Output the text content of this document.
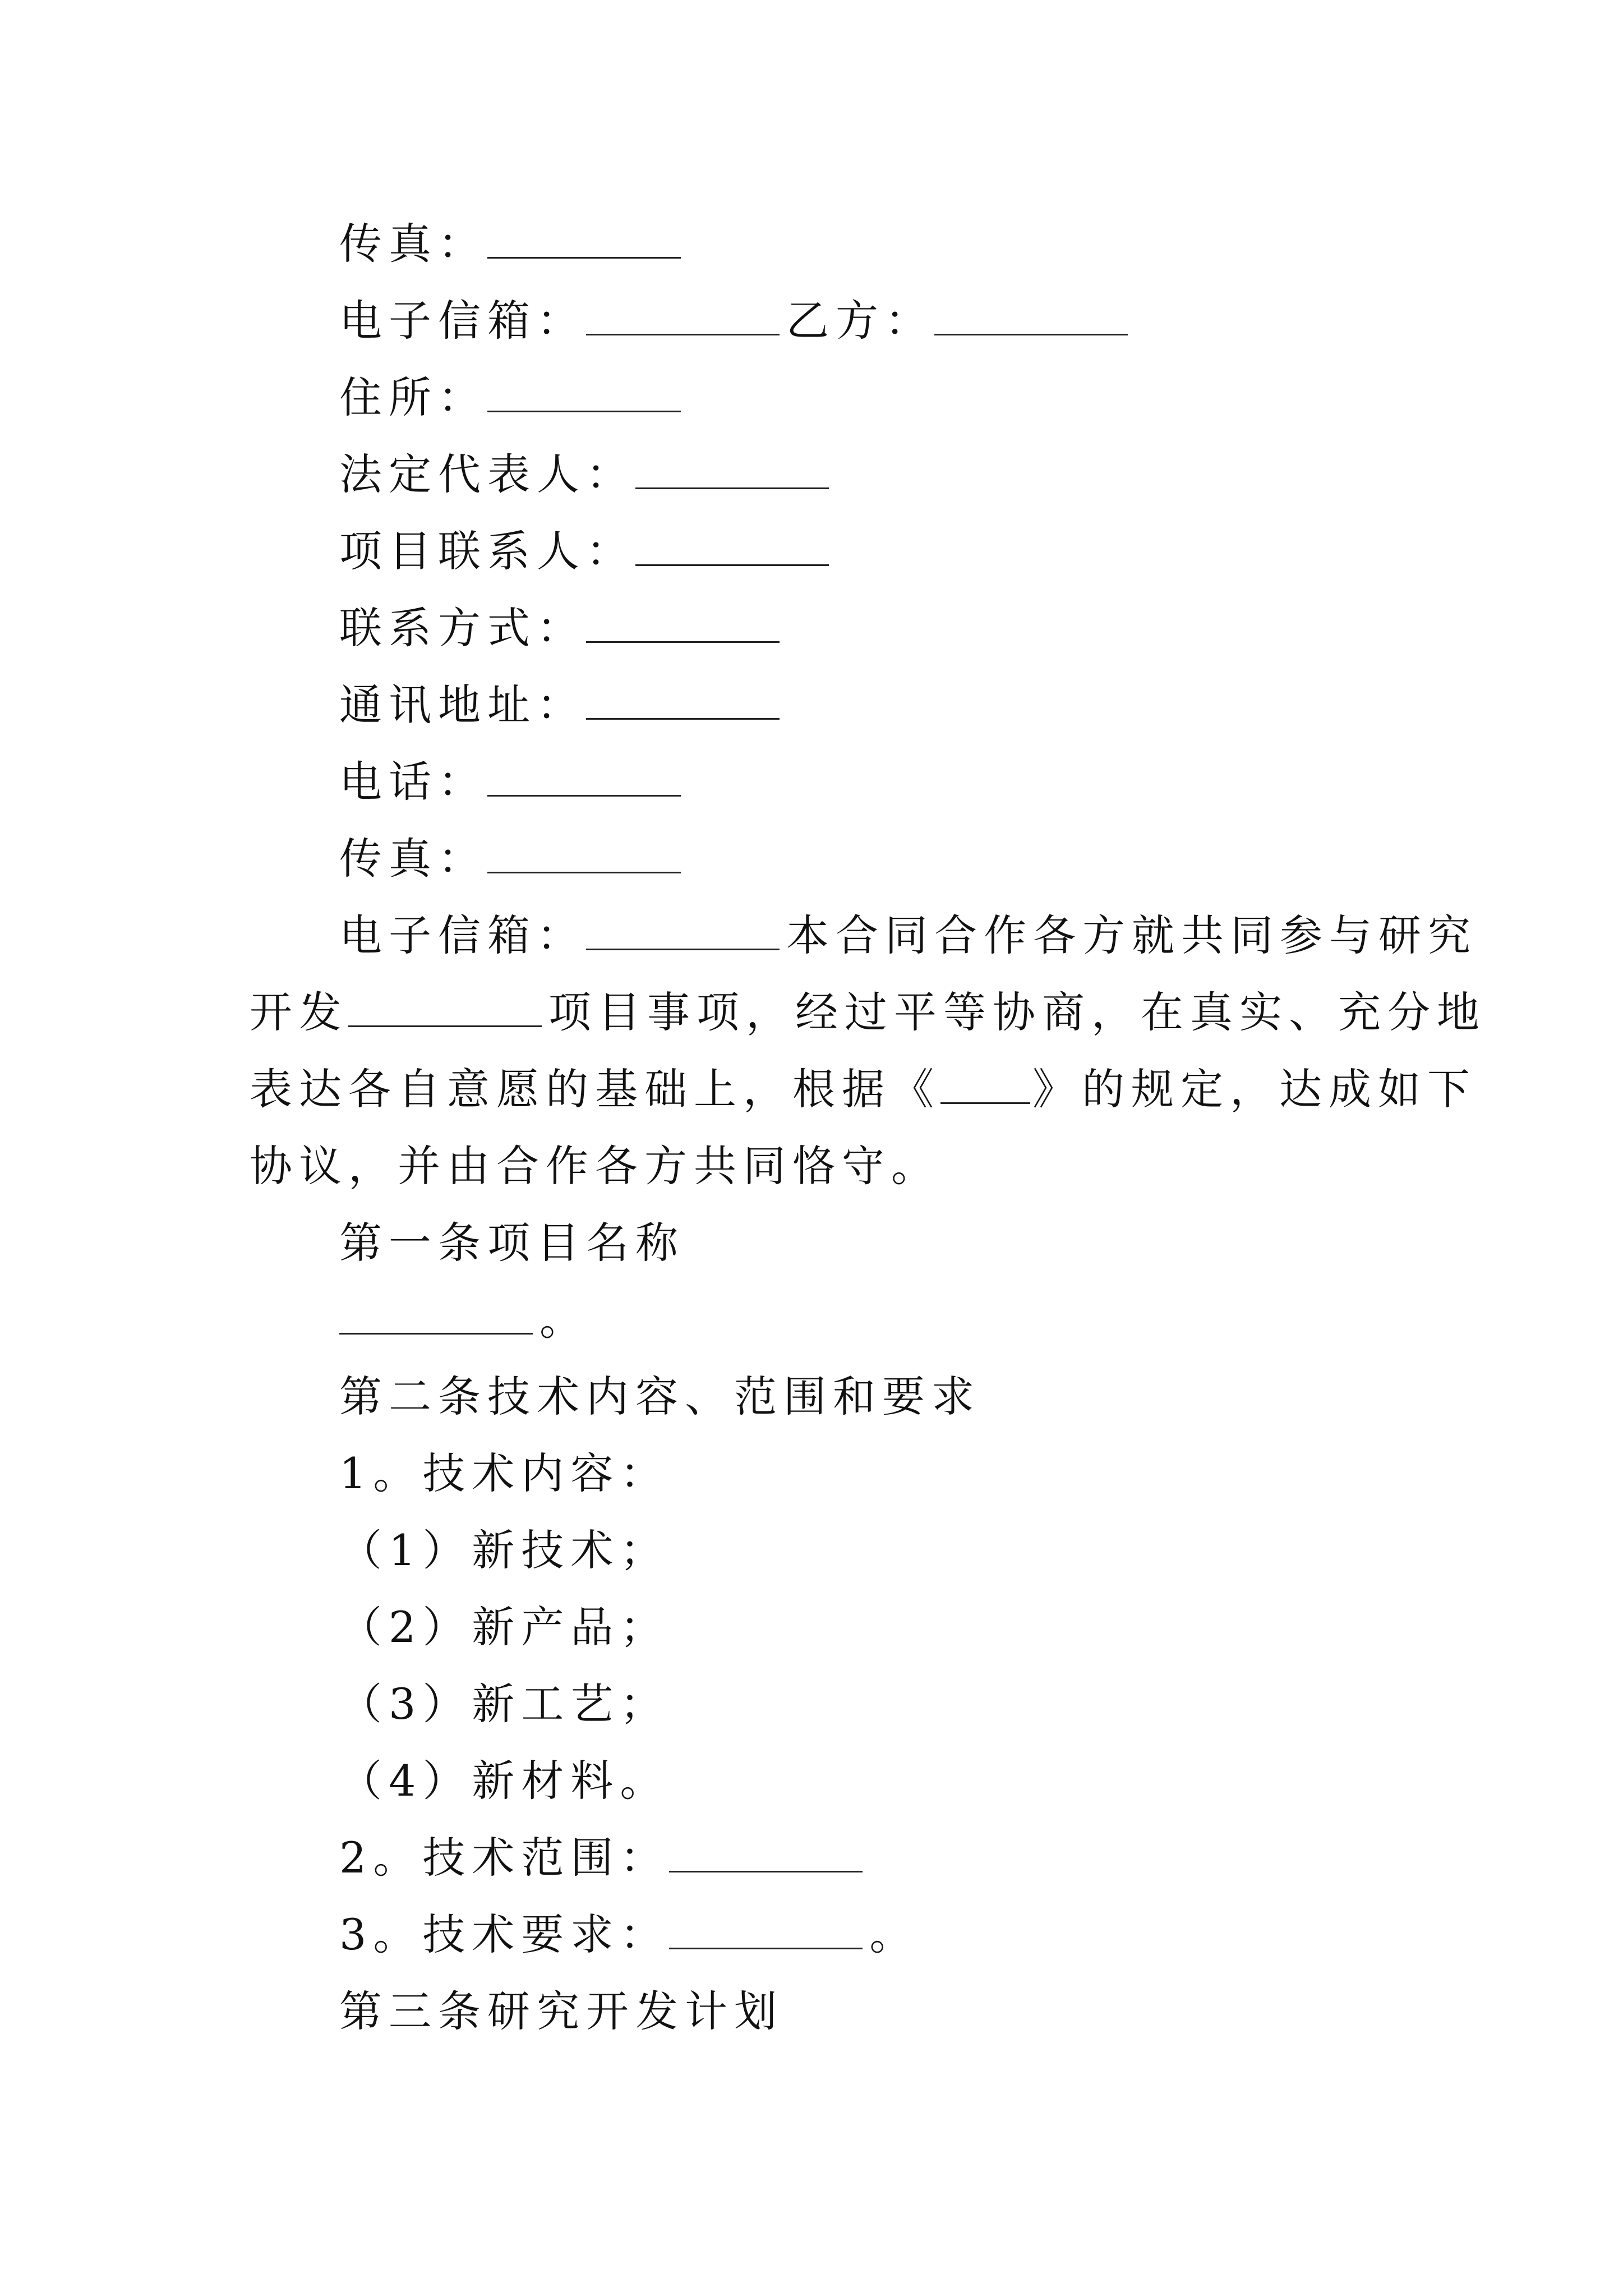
传真：
电子信箱：	乙方：
住所：
法定代表人：
项目联系人：
联系方式：
通讯地址：
电话：
传真：
电子信箱：	本合同合作各方就共同参与研究
开发	项目事项，经过平等协商，在真实、充分地
表达各自意愿的基础上，根据《 》的规定，达成如下
协议，并由合作各方共同恪守。
第一条项目名称
。
第二条技术内容、范围和要求
1。技术内容：
（1）新技术；
（2）新产品；
（3）新工艺；
（4）新材料。
2。技术范围：
3。技术要求：	。
第三条研究开发计划
